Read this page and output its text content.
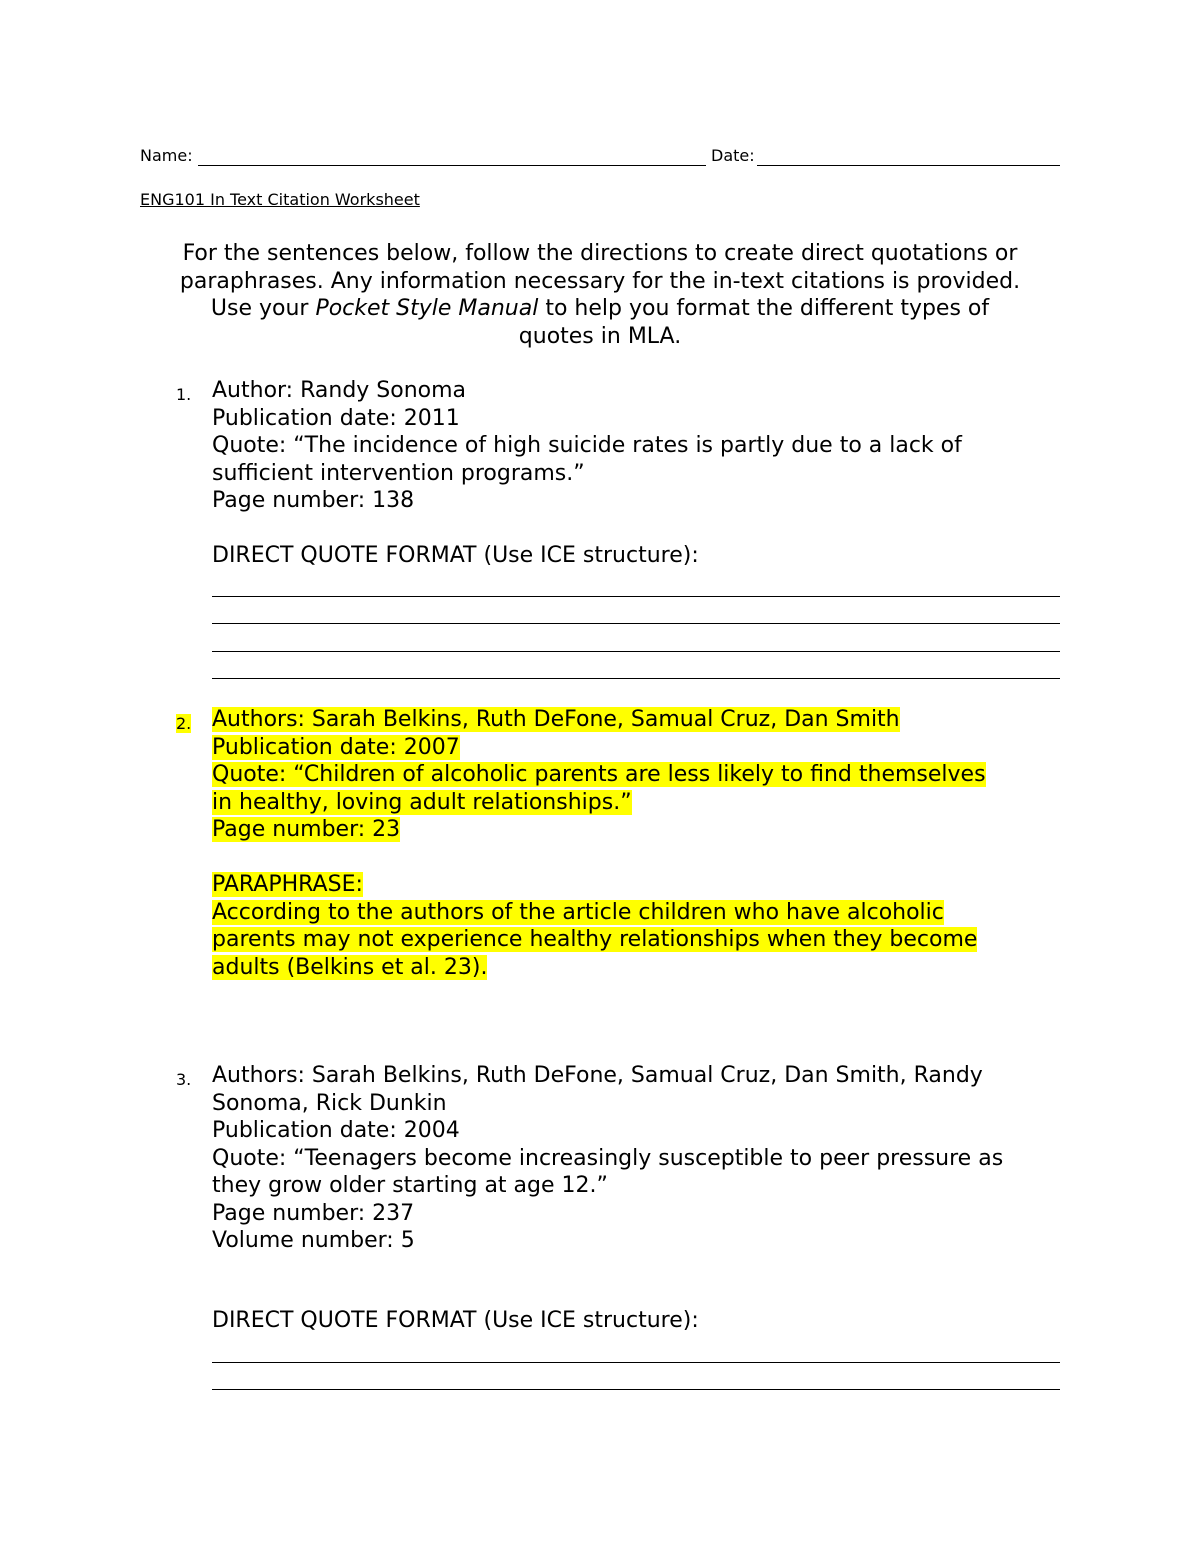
Name:	Date:
ENG101 In Text Citation Worksheet
For the sentences below, follow the directions to create direct quotations or
paraphrases. Any information necessary for the in-text citations is provided.
Use your Pocket Style Manual to help you format the different types of
quotes in MLA.
1. Author: Randy Sonoma
Publication date: 2011
Quote: “The incidence of high suicide rates is partly due to a lack of
sufficient intervention programs.”
Page number: 138

DIRECT QUOTE FORMAT (Use ICE structure):
2. Authors: Sarah Belkins, Ruth DeFone, Samual Cruz, Dan Smith
Publication date: 2007
Quote: “Children of alcoholic parents are less likely to find themselves
in healthy, loving adult relationships.”
Page number: 23

PARAPHRASE:
According to the authors of the article children who have alcoholic
parents may not experience healthy relationships when they become
adults (Belkins et al. 23).
3. Authors: Sarah Belkins, Ruth DeFone, Samual Cruz, Dan Smith, Randy
Sonoma, Rick Dunkin
Publication date: 2004
Quote: “Teenagers become increasingly susceptible to peer pressure as
they grow older starting at age 12.”
Page number: 237
Volume number: 5
DIRECT QUOTE FORMAT (Use ICE structure):
